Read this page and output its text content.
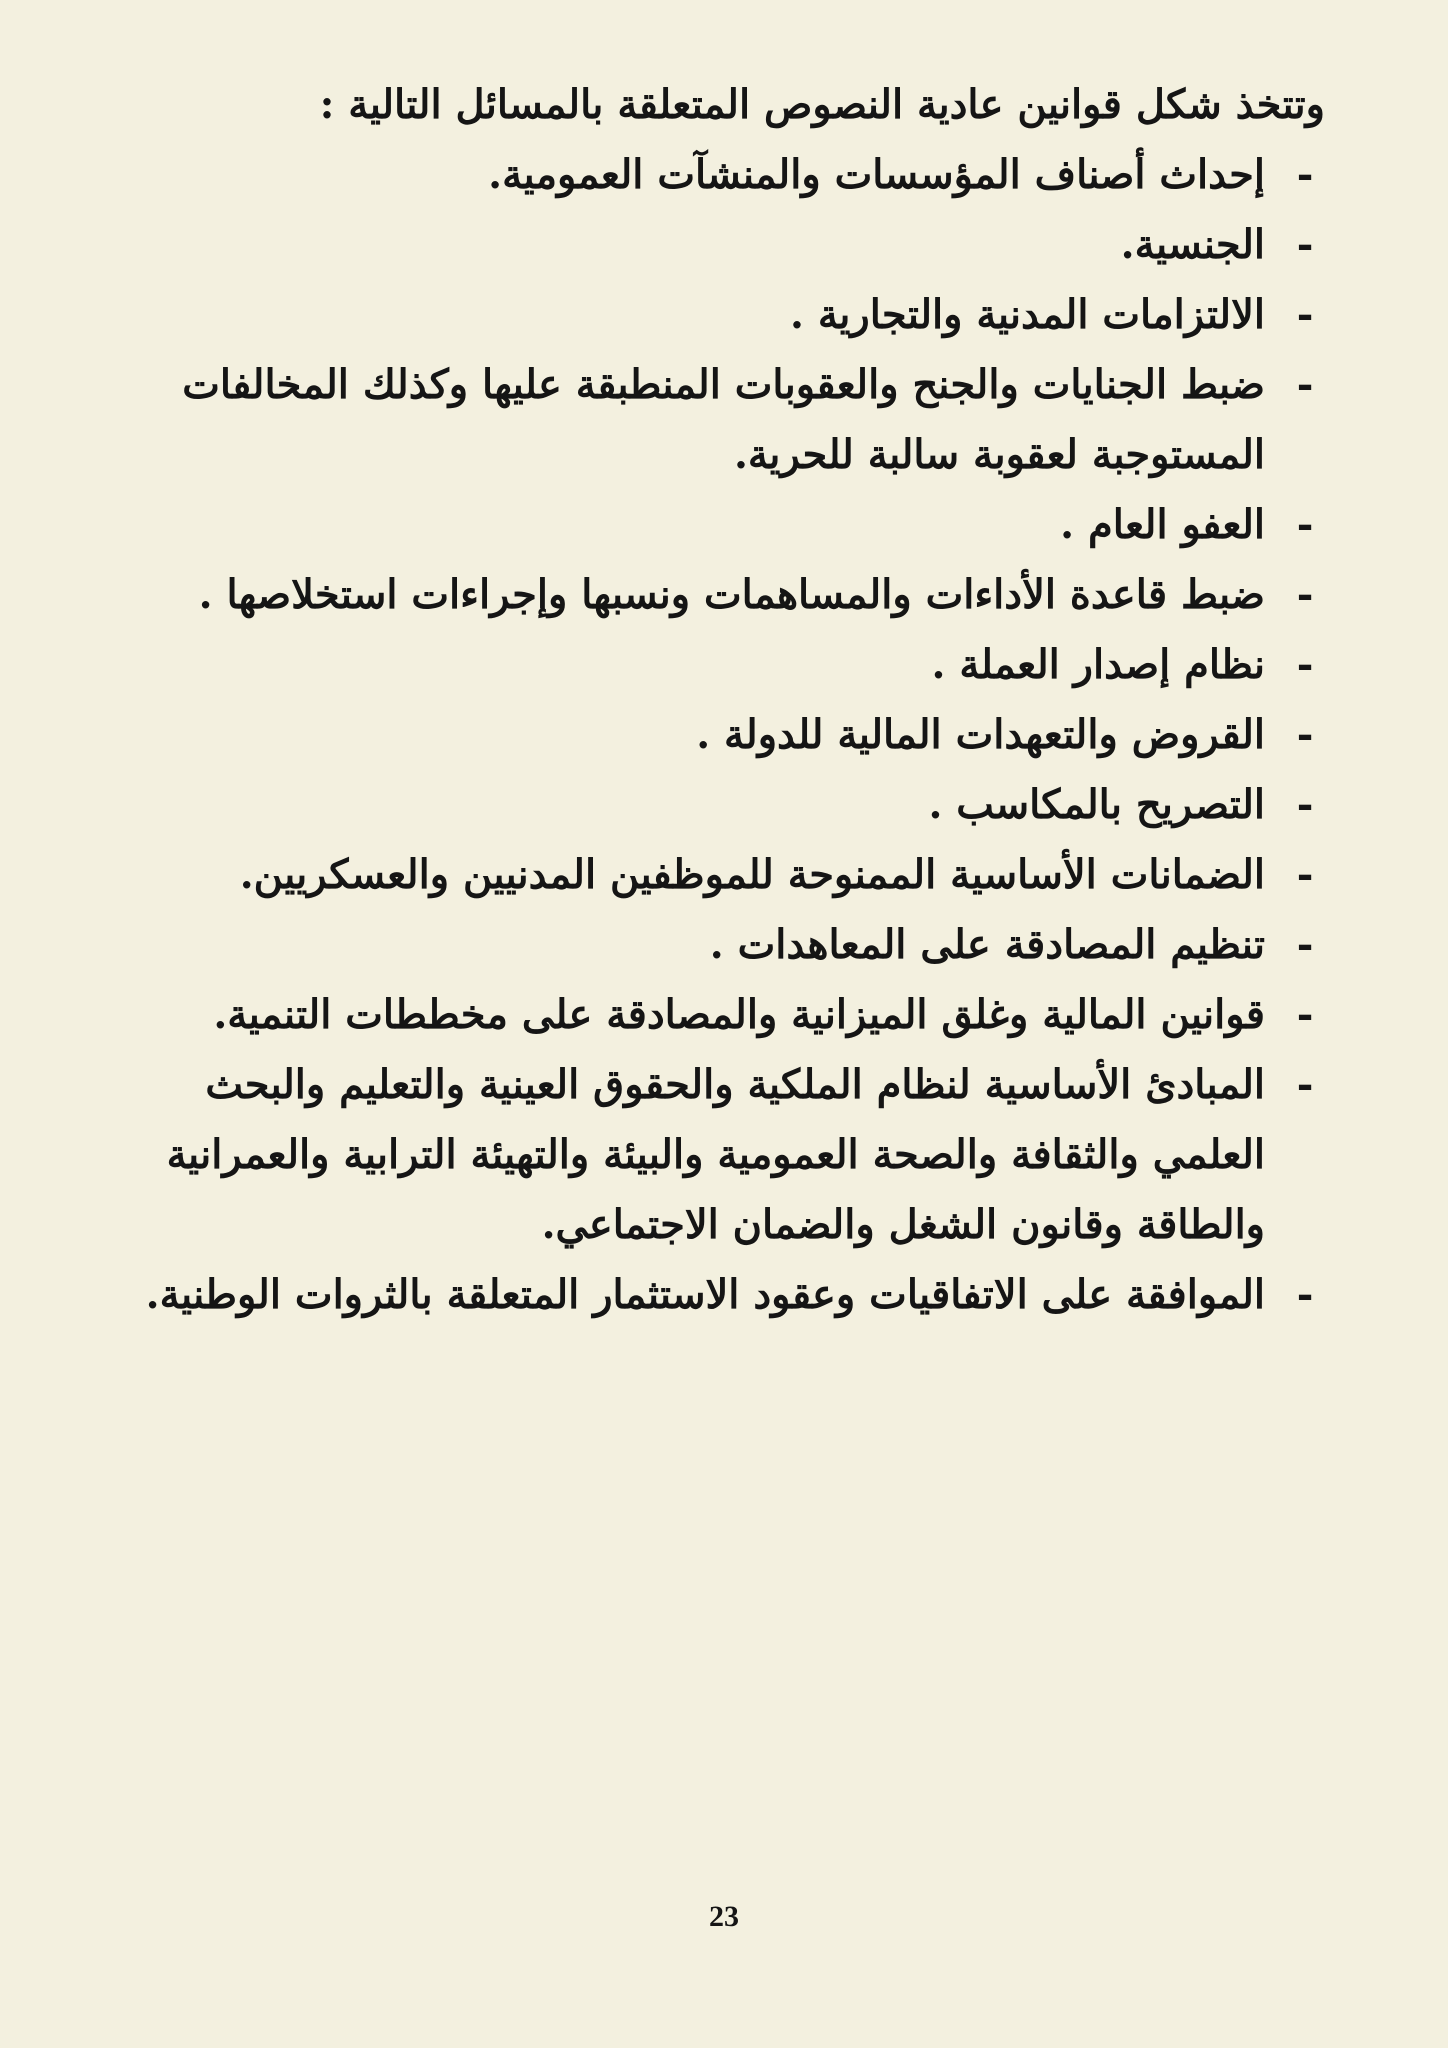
وتتخذ شكل قوانين عادية النصوص المتعلقة بالمسائل التالية :

-
إحداث أصناف المؤسسات والمنشآت العمومية.
-
الجنسية.
-
الالتزامات المدنية والتجارية .
-
ضبط الجنايات والجنح والعقوبات المنطبقة عليها وكذلك المخالفات المستوجبة لعقوبة سالبة للحرية.
-
العفو العام .
-
ضبط قاعدة الأداءات والمساهمات ونسبها وإجراءات استخلاصها .
-
نظام إصدار العملة .
-
القروض والتعهدات المالية للدولة .
-
التصريح بالمكاسب .
-
الضمانات الأساسية الممنوحة للموظفين المدنيين والعسكريين.
-
تنظيم المصادقة على المعاهدات .
-
قوانين المالية وغلق الميزانية والمصادقة على مخططات التنمية.
-
المبادئ الأساسية لنظام الملكية والحقوق العينية والتعليم والبحث العلمي والثقافة والصحة العمومية والبيئة والتهيئة الترابية والعمرانية والطاقة وقانون الشغل والضمان الاجتماعي.
-
الموافقة على الاتفاقيات وعقود الاستثمار المتعلقة بالثروات الوطنية.
23
